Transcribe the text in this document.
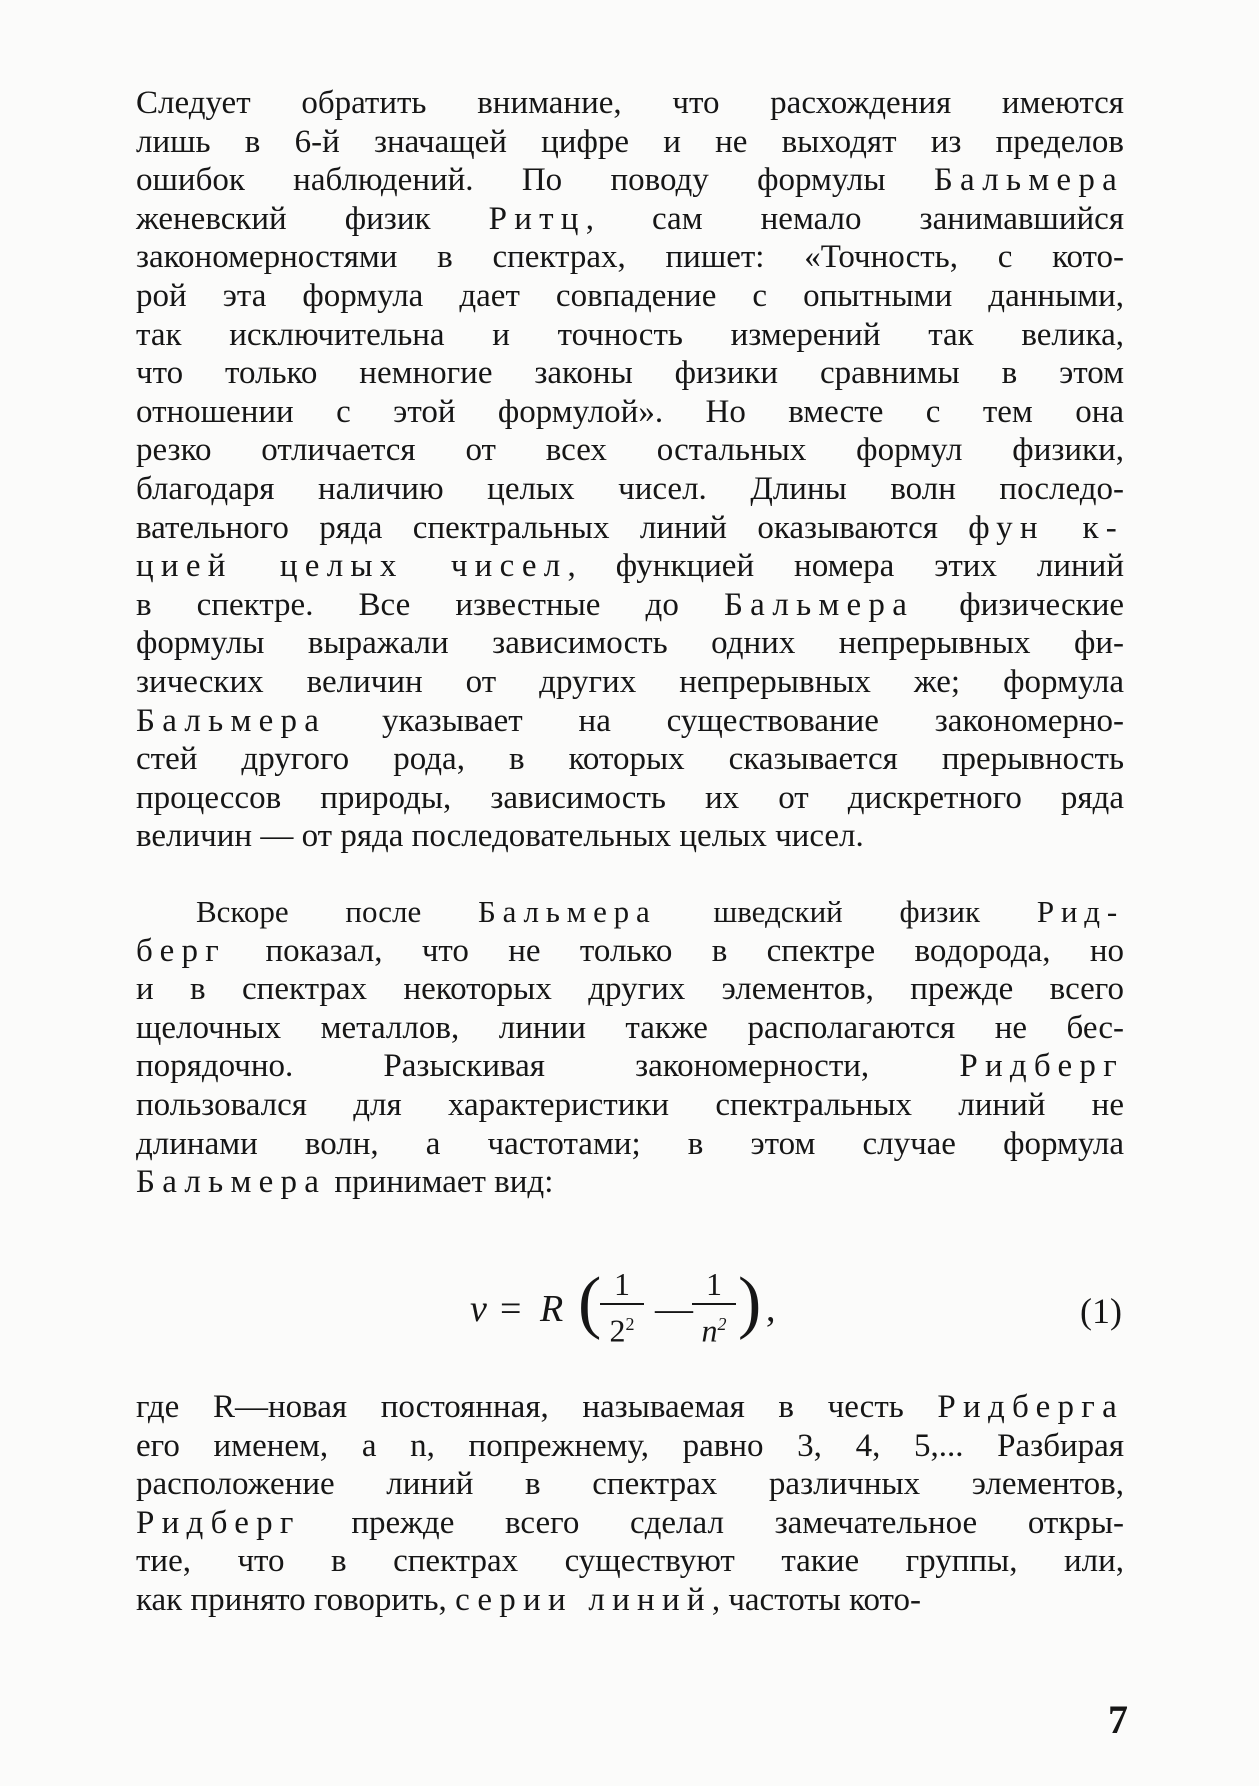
Следует обратить внимание, что расхождения имеются
лишь в 6-й значащей цифре и не выходят из пределов
ошибок наблюдений. По поводу формулы Бальмера
женевский физик Ритц, сам немало занимавшийся
закономерностями в спектрах, пишет: «Точность, с кото-
рой эта формула дает совпадение с опытными данными,
так исключительна и точность измерений так велика,
что только немногие законы физики сравнимы в этом
отношении с этой формулой». Но вместе с тем она
резко отличается от всех остальных формул физики,
благодаря наличию целых чисел. Длины волн последо-
вательного ряда спектральных линий оказываются фун к-
цией целых чисел, функцией номера этих линий
в спектре. Все известные до Бальмера физические
формулы выражали зависимость одних непрерывных фи-
зических величин от других непрерывных же; формула
Бальмера указывает на существование закономерно-
стей другого рода, в которых сказывается прерывность
процессов природы, зависимость их от дискретного ряда
величин — от ряда последовательных целых чисел.
Вскоре после Бальмера шведский физик Рид-
берг показал, что не только в спектре водорода, но
и в спектрах некоторых других элементов, прежде всего
щелочных металлов, линии также располагаются не бес-
порядочно. Разыскивая закономерности, Ридберг
пользовался для характеристики спектральных линий не
длинами волн, а частотами; в этом случае формула
Бальмера принимает вид:
v = R (
$\frac{1}{2^2}$ — $\frac{1}{n^2}$ ) ,	(1)
где R—новая постоянная, называемая в честь Ридберга
его именем, а n, попрежнему, равно 3, 4, 5,... Разбирая
расположение линий в спектрах различных элементов,
Ридберг прежде всего сделал замечательное откры-
тие, что в спектрах существуют такие группы, или,
как принято говорить, серии линий, частоты кото-
7
